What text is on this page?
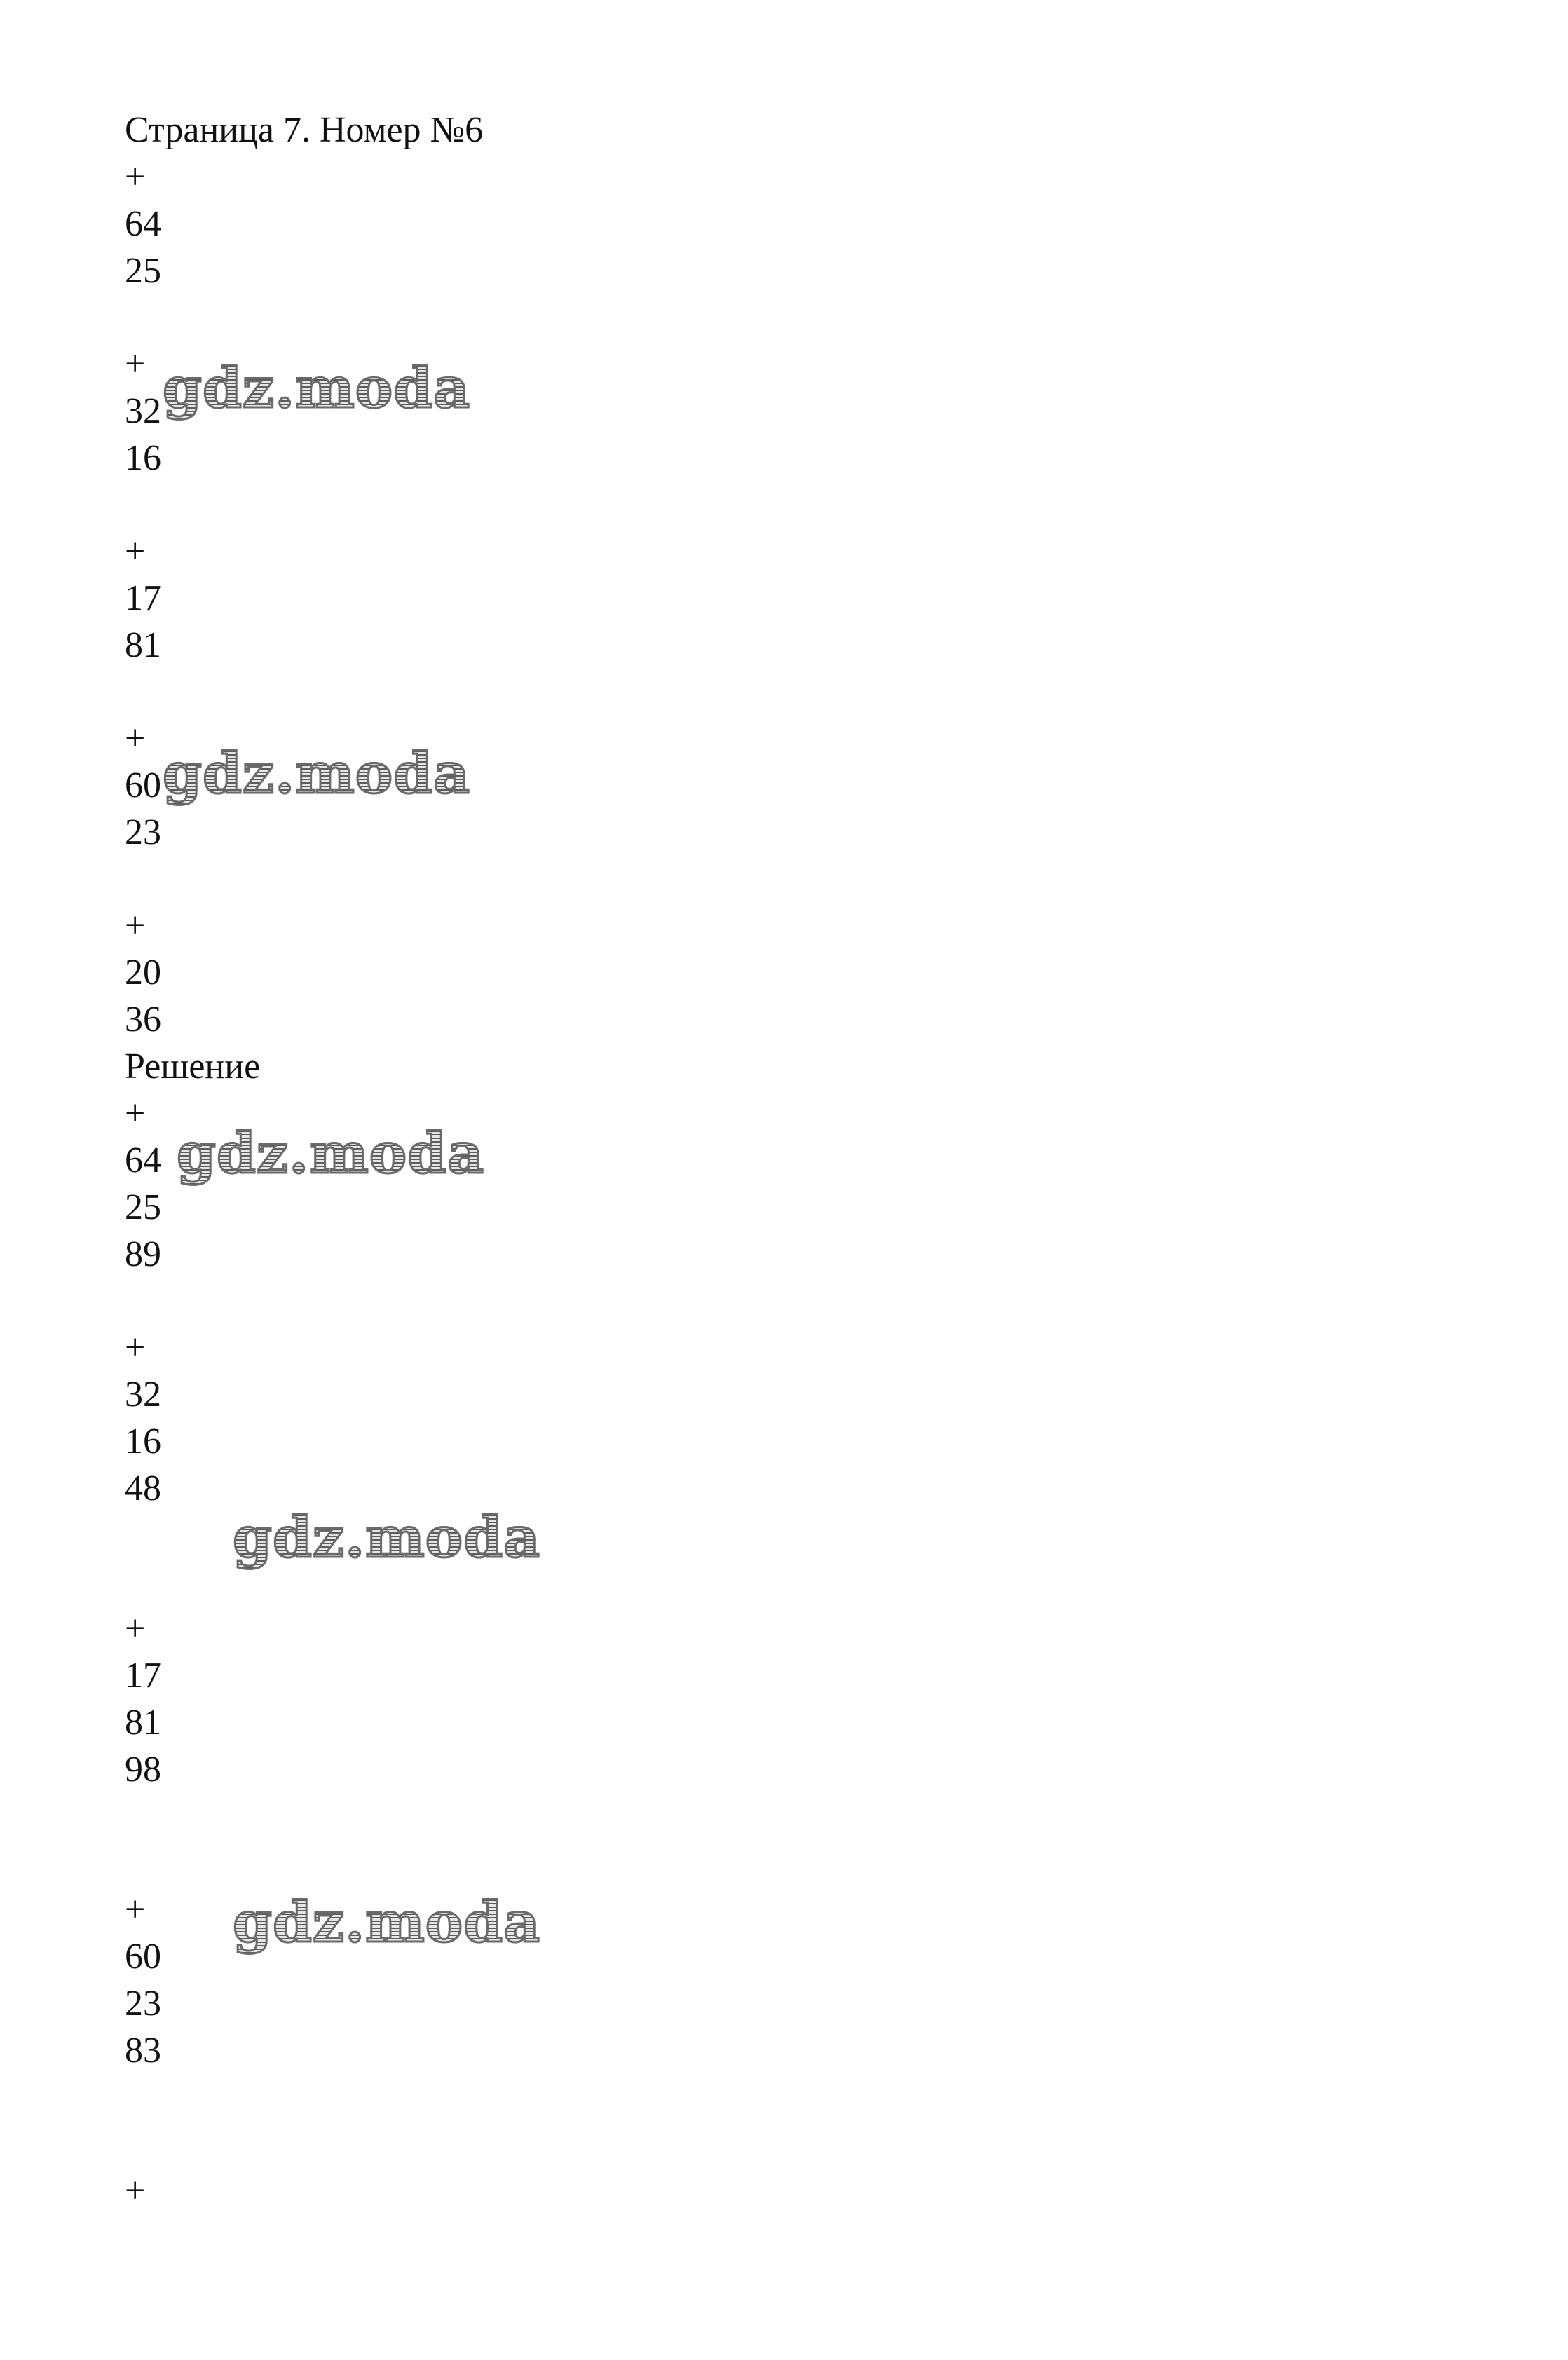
Страница 7. Номер №6
+
64
25
+
32
16
+
17
81
+
60
23
+
20
36
Решение
+
64
25
89
+
32
16
48
+
17
81
98
+
60
23
83
+
gdz.moda
gdz.moda
gdz.moda
gdz.moda
gdz.moda
